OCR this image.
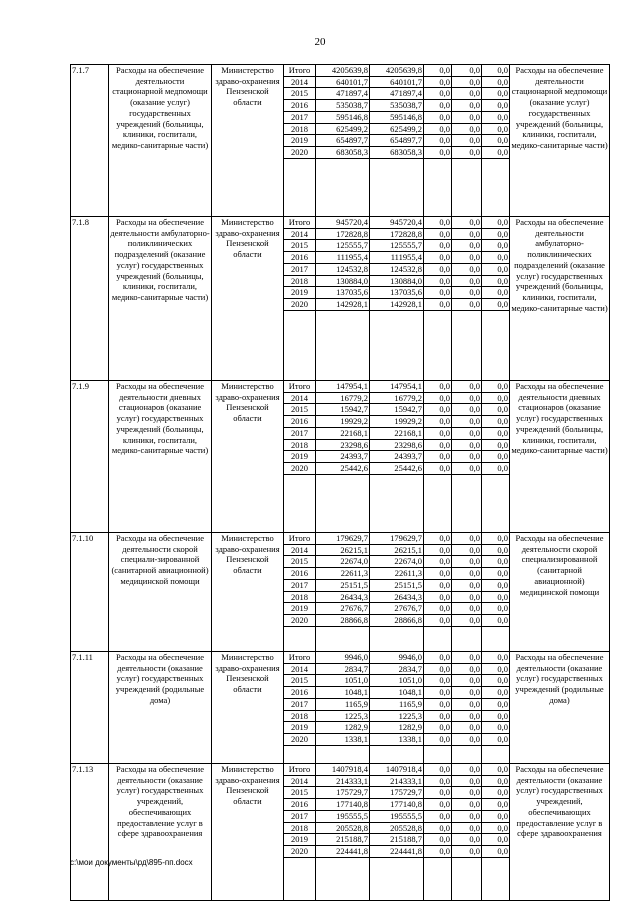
20
7.1.7	Расходы на обеспечение деятельности стационарной медпомощи (оказание услуг) государственных учреждений (больницы, клиники, госпитали, медико-санитарные части)	Министерство здраво-охранения Пензенской области	Итого	4205639,8	4205639,8	0,0	0,0	0,0	Расходы на обеспечение деятельности стационарной медпомощи (оказание услуг) государственных учреждений (больницы, клиники, госпитали, медико-санитарные части)
			2014	640101,7	640101,7	0,0	0,0	0,0	
			2015	471897,4	471897,4	0,0	0,0	0,0	
			2016	535038,7	535038,7	0,0	0,0	0,0	
			2017	595146,8	595146,8	0,0	0,0	0,0	
			2018	625499,2	625499,2	0,0	0,0	0,0	
			2019	654897,7	654897,7	0,0	0,0	0,0	
			2020	683058,3	683058,3	0,0	0,0	0,0	

7.1.8	Расходы на обеспечение деятельности амбулаторно-поликлинических подразделений (оказание услуг) государственных учреждений (больницы, клиники, госпитали, медико-санитарные части)	Министерство здраво-охранения Пензенской области	Итого	945720,4	945720,4	0,0	0,0	0,0	Расходы на обеспечение деятельности амбулаторно-поликлинических подразделений (оказание услуг) государственных учреждений (больницы, клиники, госпитали, медико-санитарные части)
			2014	172828,8	172828,8	0,0	0,0	0,0	
			2015	125555,7	125555,7	0,0	0,0	0,0	
			2016	111955,4	111955,4	0,0	0,0	0,0	
			2017	124532,8	124532,8	0,0	0,0	0,0	
			2018	130884,0	130884,0	0,0	0,0	0,0	
			2019	137035,6	137035,6	0,0	0,0	0,0	
			2020	142928,1	142928,1	0,0	0,0	0,0	

7.1.9	Расходы на обеспечение деятельности дневных стационаров (оказание услуг) государственных учреждений (больницы, клиники, госпитали, медико-санитарные части)	Министерство здраво-охранения Пензенской области	Итого	147954,1	147954,1	0,0	0,0	0,0	Расходы на обеспечение деятельности дневных стационаров (оказание услуг) государственных учреждений (больницы, клиники, госпитали, медико-санитарные части)
			2014	16779,2	16779,2	0,0	0,0	0,0	
			2015	15942,7	15942,7	0,0	0,0	0,0	
			2016	19929,2	19929,2	0,0	0,0	0,0	
			2017	22168,1	22168,1	0,0	0,0	0,0	
			2018	23298,6	23298,6	0,0	0,0	0,0	
			2019	24393,7	24393,7	0,0	0,0	0,0	
			2020	25442,6	25442,6	0,0	0,0	0,0	

7.1.10	Расходы на обеспечение деятельности скорой специали-зированной (санитарной авиационной) медицинской помощи	Министерство здраво-охранения Пензенской области	Итого	179629,7	179629,7	0,0	0,0	0,0	Расходы на обеспечение деятельности скорой специализированной (санитарной авиационной) медицинской помощи
			2014	26215,1	26215,1	0,0	0,0	0,0	
			2015	22674,0	22674,0	0,0	0,0	0,0	
			2016	22611,3	22611,3	0,0	0,0	0,0	
			2017	25151,5	25151,5	0,0	0,0	0,0	
			2018	26434,3	26434,3	0,0	0,0	0,0	
			2019	27676,7	27676,7	0,0	0,0	0,0	
			2020	28866,8	28866,8	0,0	0,0	0,0	

7.1.11	Расходы на обеспечение деятельности (оказание услуг) государственных учреждений (родильные дома)	Министерство здраво-охранения Пензенской области	Итого	9946,0	9946,0	0,0	0,0	0,0	Расходы на обеспечение деятельности (оказание услуг) государственных учреждений (родильные дома)
			2014	2834,7	2834,7	0,0	0,0	0,0	
			2015	1051,0	1051,0	0,0	0,0	0,0	
			2016	1048,1	1048,1	0,0	0,0	0,0	
			2017	1165,9	1165,9	0,0	0,0	0,0	
			2018	1225,3	1225,3	0,0	0,0	0,0	
			2019	1282,9	1282,9	0,0	0,0	0,0	
			2020	1338,1	1338,1	0,0	0,0	0,0	

7.1.13	Расходы на обеспечение деятельности (оказание услуг) государственных учреждений, обеспечивающих предоставление услуг в сфере здравоохранения	Министерство здраво-охранения Пензенской области	Итого	1407918,4	1407918,4	0,0	0,0	0,0	Расходы на обеспечение деятельности (оказание услуг) государственных учреждений, обеспечивающих предоставление услуг в сфере здравоохранения
			2014	214333,1	214333,1	0,0	0,0	0,0	
			2015	175729,7	175729,7	0,0	0,0	0,0	
			2016	177140,8	177140,8	0,0	0,0	0,0	
			2017	195555,5	195555,5	0,0	0,0	0,0	
			2018	205528,8	205528,8	0,0	0,0	0,0	
			2019	215188,7	215188,7	0,0	0,0	0,0	
			2020	224441,8	224441,8	0,0	0,0	0,0	

c:\мои документы\рд\895-пп.docx
